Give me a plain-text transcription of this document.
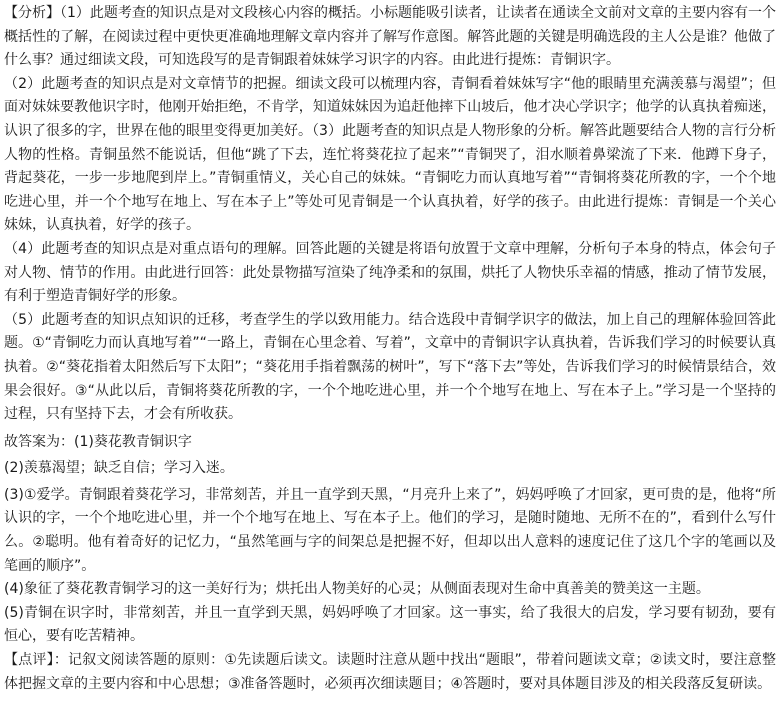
【分析】（1）此题考查的知识点是对文段核心内容的概括。小标题能吸引读者，让读者在通读全文前对文章的主要内容有一个概括性的了解，在阅读过程中更快更准确地理解文章内容并了解写作意图。解答此题的关键是明确选段的主人公是谁？他做了什么事？通过细读文段，可知选段写的是青铜跟着妹妹学习识字的内容。由此进行提炼：青铜识字。

（2）此题考查的知识点是对文章情节的把握。细读文段可以梳理内容，青铜看着妹妹写字“他的眼睛里充满羡慕与渴望”；但面对妹妹要教他识字时，他刚开始拒绝，不肯学，知道妹妹因为追赶他摔下山坡后，他才决心学识字；他学的认真执着痴迷，认识了很多的字，世界在他的眼里变得更加美好。（3）此题考查的知识点是人物形象的分析。解答此题要结合人物的言行分析人物的性格。青铜虽然不能说话，但他“跳了下去，连忙将葵花拉了起来”“青铜哭了，泪水顺着鼻梁流了下来．他蹲下身子，背起葵花，一步一步地爬到岸上。”青铜重情义，关心自己的妹妹。“青铜吃力而认真地写着”“青铜将葵花所教的字，一个个地吃进心里，并一个个地写在地上、写在本子上”等处可见青铜是一个认真执着，好学的孩子。由此进行提炼：青铜是一个关心妹妹，认真执着，好学的孩子。

（4）此题考查的知识点是对重点语句的理解。回答此题的关键是将语句放置于文章中理解，分析句子本身的特点，体会句子对人物、情节的作用。由此进行回答：此处景物描写渲染了纯净柔和的氛围，烘托了人物快乐幸福的情感，推动了情节发展，有利于塑造青铜好学的形象。

（5）此题考查的知识点知识的迁移，考查学生的学以致用能力。结合选段中青铜学识字的做法，加上自己的理解体验回答此题。①“青铜吃力而认真地写着”“一路上，青铜在心里念着、写着”，文章中的青铜识字认真执着，告诉我们学习的时候要认真执着。②“葵花指着太阳然后写下太阳”；“葵花用手指着飘荡的树叶”，写下“落下去”等处，告诉我们学习的时候情景结合，效果会很好。③“从此以后，青铜将葵花所教的字，一个个地吃进心里，并一个个地写在地上、写在本子上。”学习是一个坚持的过程，只有坚持下去，才会有所收获。

故答案为：(1)葵花教青铜识字

(2)羡慕渴望；缺乏自信；学习入迷。

(3)①爱学。青铜跟着葵花学习，非常刻苦，并且一直学到天黑，“月亮升上来了”，妈妈呼唤了才回家，更可贵的是，他将“所认识的字，一个个地吃进心里，并一个个地写在地上、写在本子上。他们的学习，是随时随地、无所不在的”，看到什么写什么。②聪明。他有着奇好的记忆力，“虽然笔画与字的间架总是把握不好，但却以出人意料的速度记住了这几个字的笔画以及笔画的顺序”。

(4)象征了葵花教青铜学习的这一美好行为；烘托出人物美好的心灵；从侧面表现对生命中真善美的赞美这一主题。

(5)青铜在识字时，非常刻苦，并且一直学到天黑，妈妈呼唤了才回家。这一事实，给了我很大的启发，学习要有韧劲，要有恒心，要有吃苦精神。

【点评】：记叙文阅读答题的原则：①先读题后读文。读题时注意从题中找出“题眼”，带着问题读文章；②读文时，要注意整体把握文章的主要内容和中心思想；③准备答题时，必须再次细读题目；④答题时，要对具体题目涉及的相关段落反复研读。
